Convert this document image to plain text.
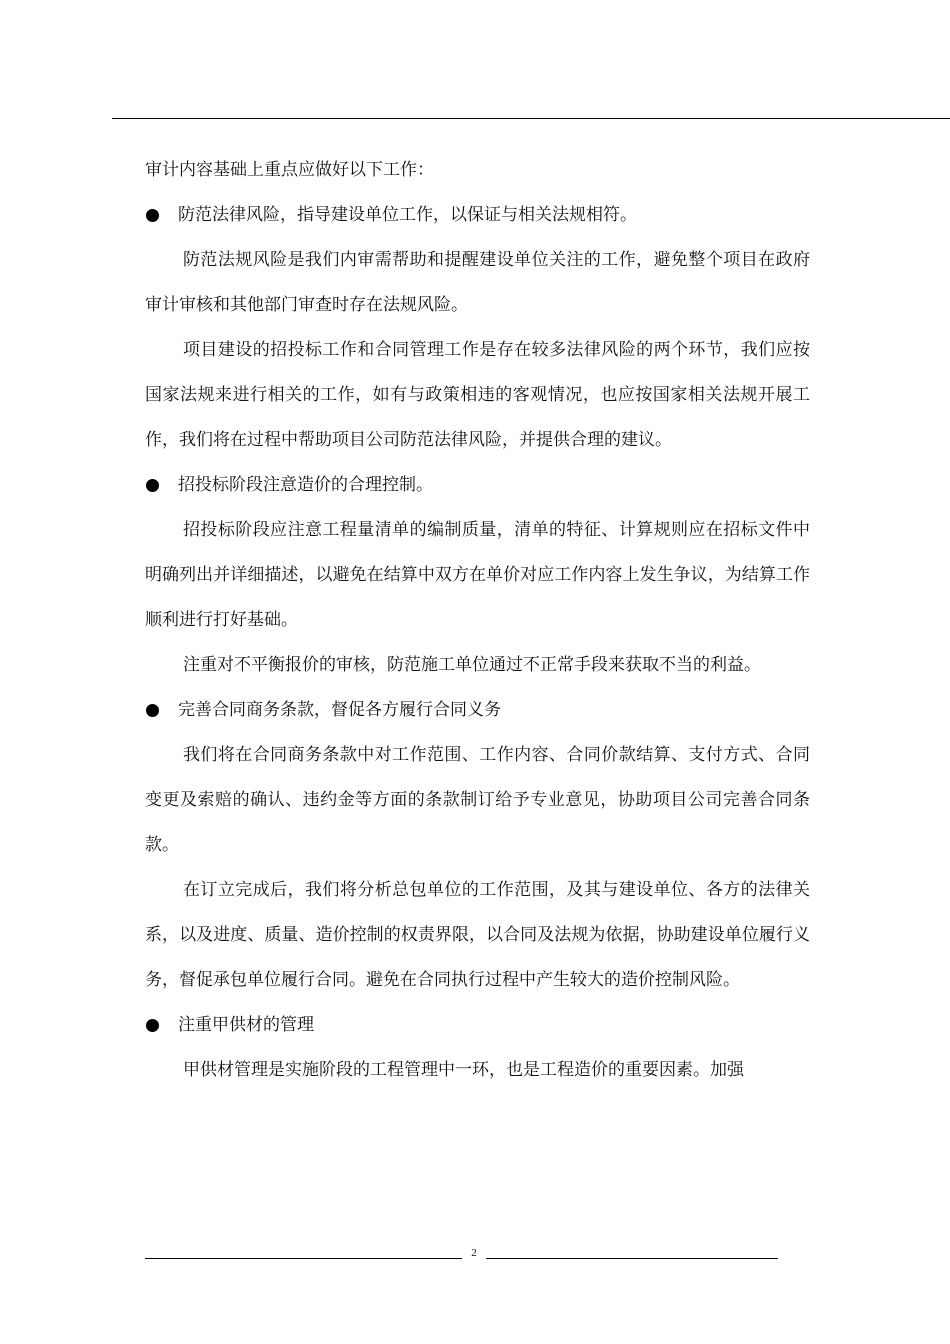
审计内容基础上重点应做好以下工作：

防范法律风险，指导建设单位工作，以保证与相关法规相符。

防范法规风险是我们内审需帮助和提醒建设单位关注的工作，避免整个项目在政府审计审核和其他部门审查时存在法规风险。

项目建设的招投标工作和合同管理工作是存在较多法律风险的两个环节，我们应按国家法规来进行相关的工作，如有与政策相违的客观情况，也应按国家相关法规开展工作，我们将在过程中帮助项目公司防范法律风险，并提供合理的建议。

招投标阶段注意造价的合理控制。

招投标阶段应注意工程量清单的编制质量，清单的特征、计算规则应在招标文件中明确列出并详细描述，以避免在结算中双方在单价对应工作内容上发生争议，为结算工作顺利进行打好基础。

注重对不平衡报价的审核，防范施工单位通过不正常手段来获取不当的利益。

完善合同商务条款，督促各方履行合同义务

我们将在合同商务条款中对工作范围、工作内容、合同价款结算、支付方式、合同变更及索赔的确认、违约金等方面的条款制订给予专业意见，协助项目公司完善合同条款。

在订立完成后，我们将分析总包单位的工作范围，及其与建设单位、各方的法律关系，以及进度、质量、造价控制的权责界限，以合同及法规为依据，协助建设单位履行义务，督促承包单位履行合同。避免在合同执行过程中产生较大的造价控制风险。

注重甲供材的管理

甲供材管理是实施阶段的工程管理中一环，也是工程造价的重要因素。加强

2
